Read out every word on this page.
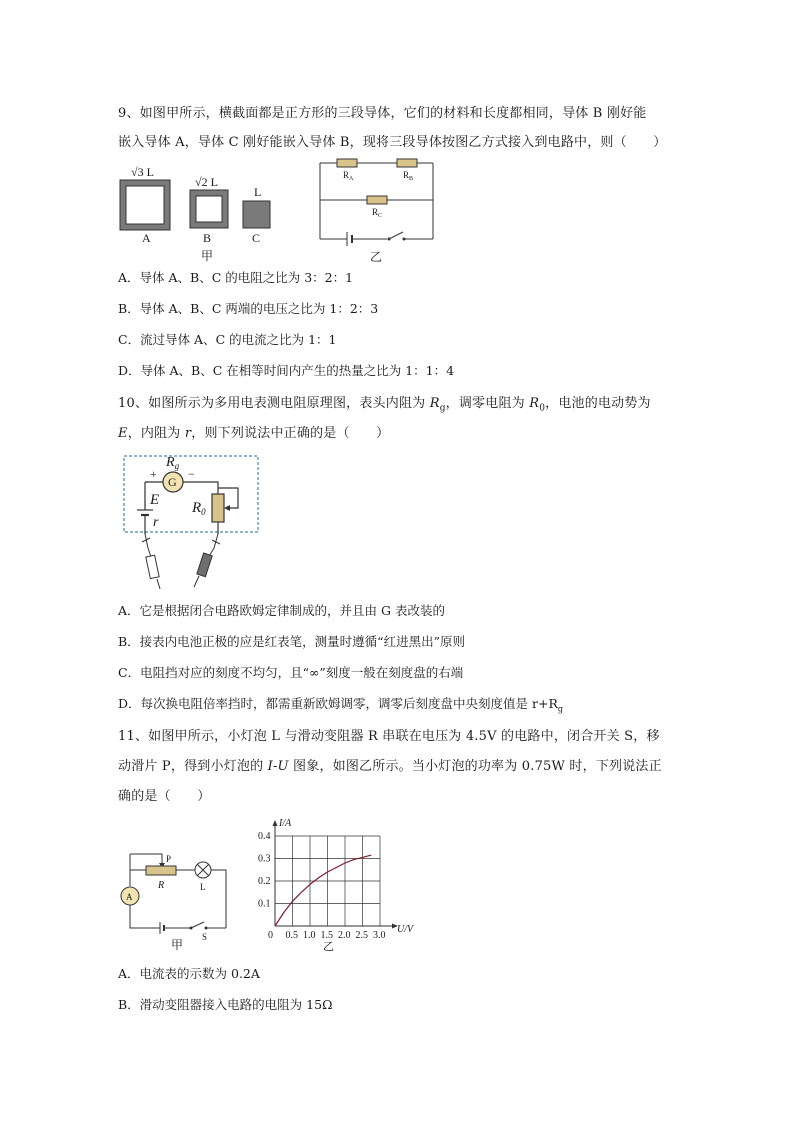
9、如图甲所示，横截面都是正方形的三段导体，它们的材料和长度都相同，导体 B 刚好能
嵌入导体 A，导体 C 刚好能嵌入导体 B，现将三段导体按图乙方式接入到电路中，则（　　）
√3 L
A
√2 L
B
L
C
甲
$R_A$	$R_B$
$R_C$
乙
A．导体 A、B、C 的电阻之比为 3：2：1
B．导体 A、B、C 两端的电压之比为 1：2：3
C．流过导体 A、C 的电流之比为 1：1
D．导体 A、B、C 在相等时间内产生的热量之比为 1：1：4
10、如图所示为多用电表测电阻原理图，表头内阻为 $R_g$，调零电阻为 $R_0$，电池的电动势为
E，内阻为 r，则下列说法中正确的是（　　）
G
+	−
$R_g$
E
r
$R_0$
A．它是根据闭合电路欧姆定律制成的，并且由 G 表改装的
B．接表内电池正极的应是红表笔，测量时遵循“红进黑出”原则
C．电阻挡对应的刻度不均匀，且“∞”刻度一般在刻度盘的右端
D．每次换电阻倍率挡时，都需重新欧姆调零，调零后刻度盘中央刻度值是 $r+R_g$
11、如图甲所示，小灯泡 L 与滑动变阻器 R 串联在电压为 4.5V 的电路中，闭合开关 S，移
动滑片 P，得到小灯泡的 I-U 图象，如图乙所示。当小灯泡的功率为 0.75W 时，下列说法正
确的是（　　）
P
R	L
A
S
甲
0 0.5 1.0 1.5 2.0 2.5 3.0
0.1
0.2
0.3
0.4
I/A
U/V
乙
A．电流表的示数为 0.2A
B．滑动变阻器接入电路的电阻为 15Ω
